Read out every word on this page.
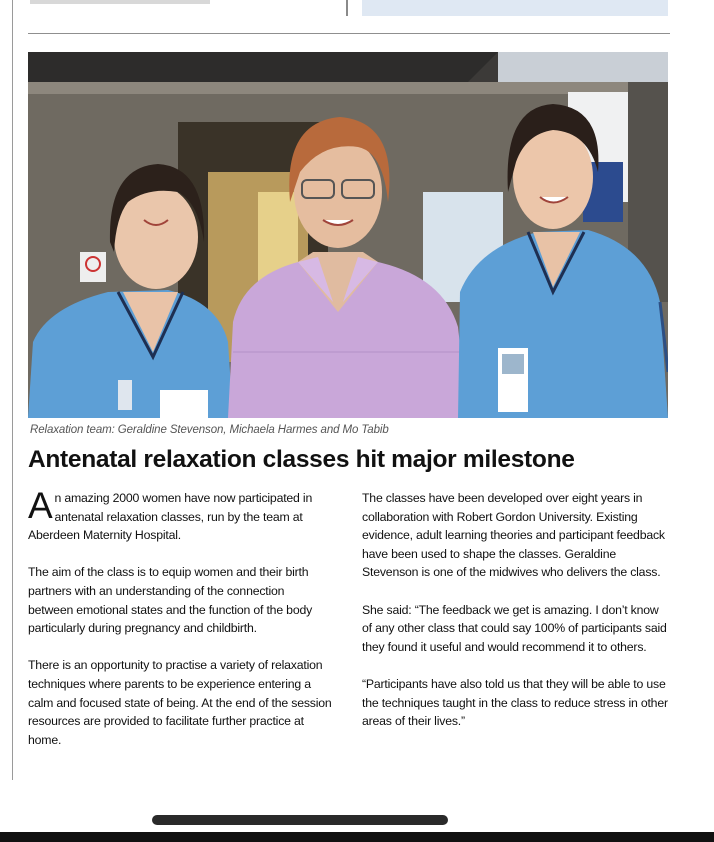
Relaxation team: Geraldine Stevenson, Michaela Harmes and Mo Tabib
Antenatal relaxation classes hit major milestone

An amazing 2000 women have now participated in antenatal relaxation classes, run by the team at Aberdeen Maternity Hospital.

The aim of the class is to equip women and their birth partners with an understanding of the connection between emotional states and the function of the body particularly during pregnancy and childbirth.

There is an opportunity to practise a variety of relaxation techniques where parents to be experience entering a calm and focused state of being. At the end of the session resources are provided to facilitate further practice at home.

The classes have been developed over eight years in collaboration with Robert Gordon University. Existing evidence, adult learning theories and participant feedback have been used to shape the classes. Geraldine Stevenson is one of the midwives who delivers the class.

She said: “The feedback we get is amazing. I don’t know of any other class that could say 100% of participants said they found it useful and would recommend it to others.

“Participants have also told us that they will be able to use the techniques taught in the class to reduce stress in other areas of their lives.”
